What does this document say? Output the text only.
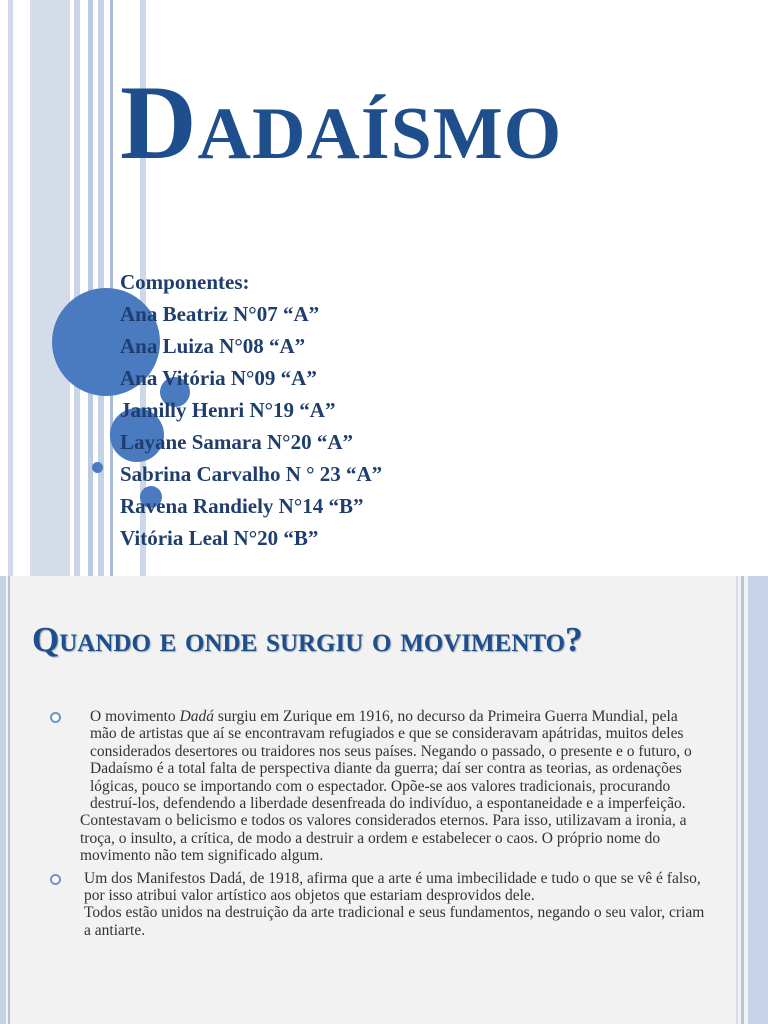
Dadaísmo
Componentes:
Ana Beatriz N°07 “A”
Ana Luiza N°08 “A”
Ana Vitória N°09 “A”
Jamilly Henri N°19 “A”
Layane Samara N°20 “A”
Sabrina Carvalho N ° 23 “A”
Ravena Randiely N°14 “B”
Vitória Leal N°20 “B”
Quando e onde surgiu o movimento?

O movimento Dadá surgiu em Zurique em 1916, no decurso da Primeira Guerra Mundial, pela mão de artistas que aí se encontravam refugiados e que se consideravam apátridas, muitos deles considerados desertores ou traidores nos seus países. Negando o passado, o presente e o futuro, o Dadaísmo é a total falta de perspectiva diante da guerra; daí ser contra as teorias, as ordenações lógicas, pouco se importando com o espectador. Opõe-se aos valores tradicionais, procurando destruí-los, defendendo a liberdade desenfreada do indivíduo, a espontaneidade e a imperfeição.

Contestavam o belicismo e todos os valores considerados eternos. Para isso, utilizavam a ironia, a troça, o insulto, a crítica, de modo a destruir a ordem e estabelecer o caos. O próprio nome do movimento não tem significado algum.

Um dos Manifestos Dadá, de 1918, afirma que a arte é uma imbecilidade e tudo o que se vê é falso, por isso atribui valor artístico aos objetos que estariam desprovidos dele.

Todos estão unidos na destruição da arte tradicional e seus fundamentos, negando o seu valor, criam a antiarte.
